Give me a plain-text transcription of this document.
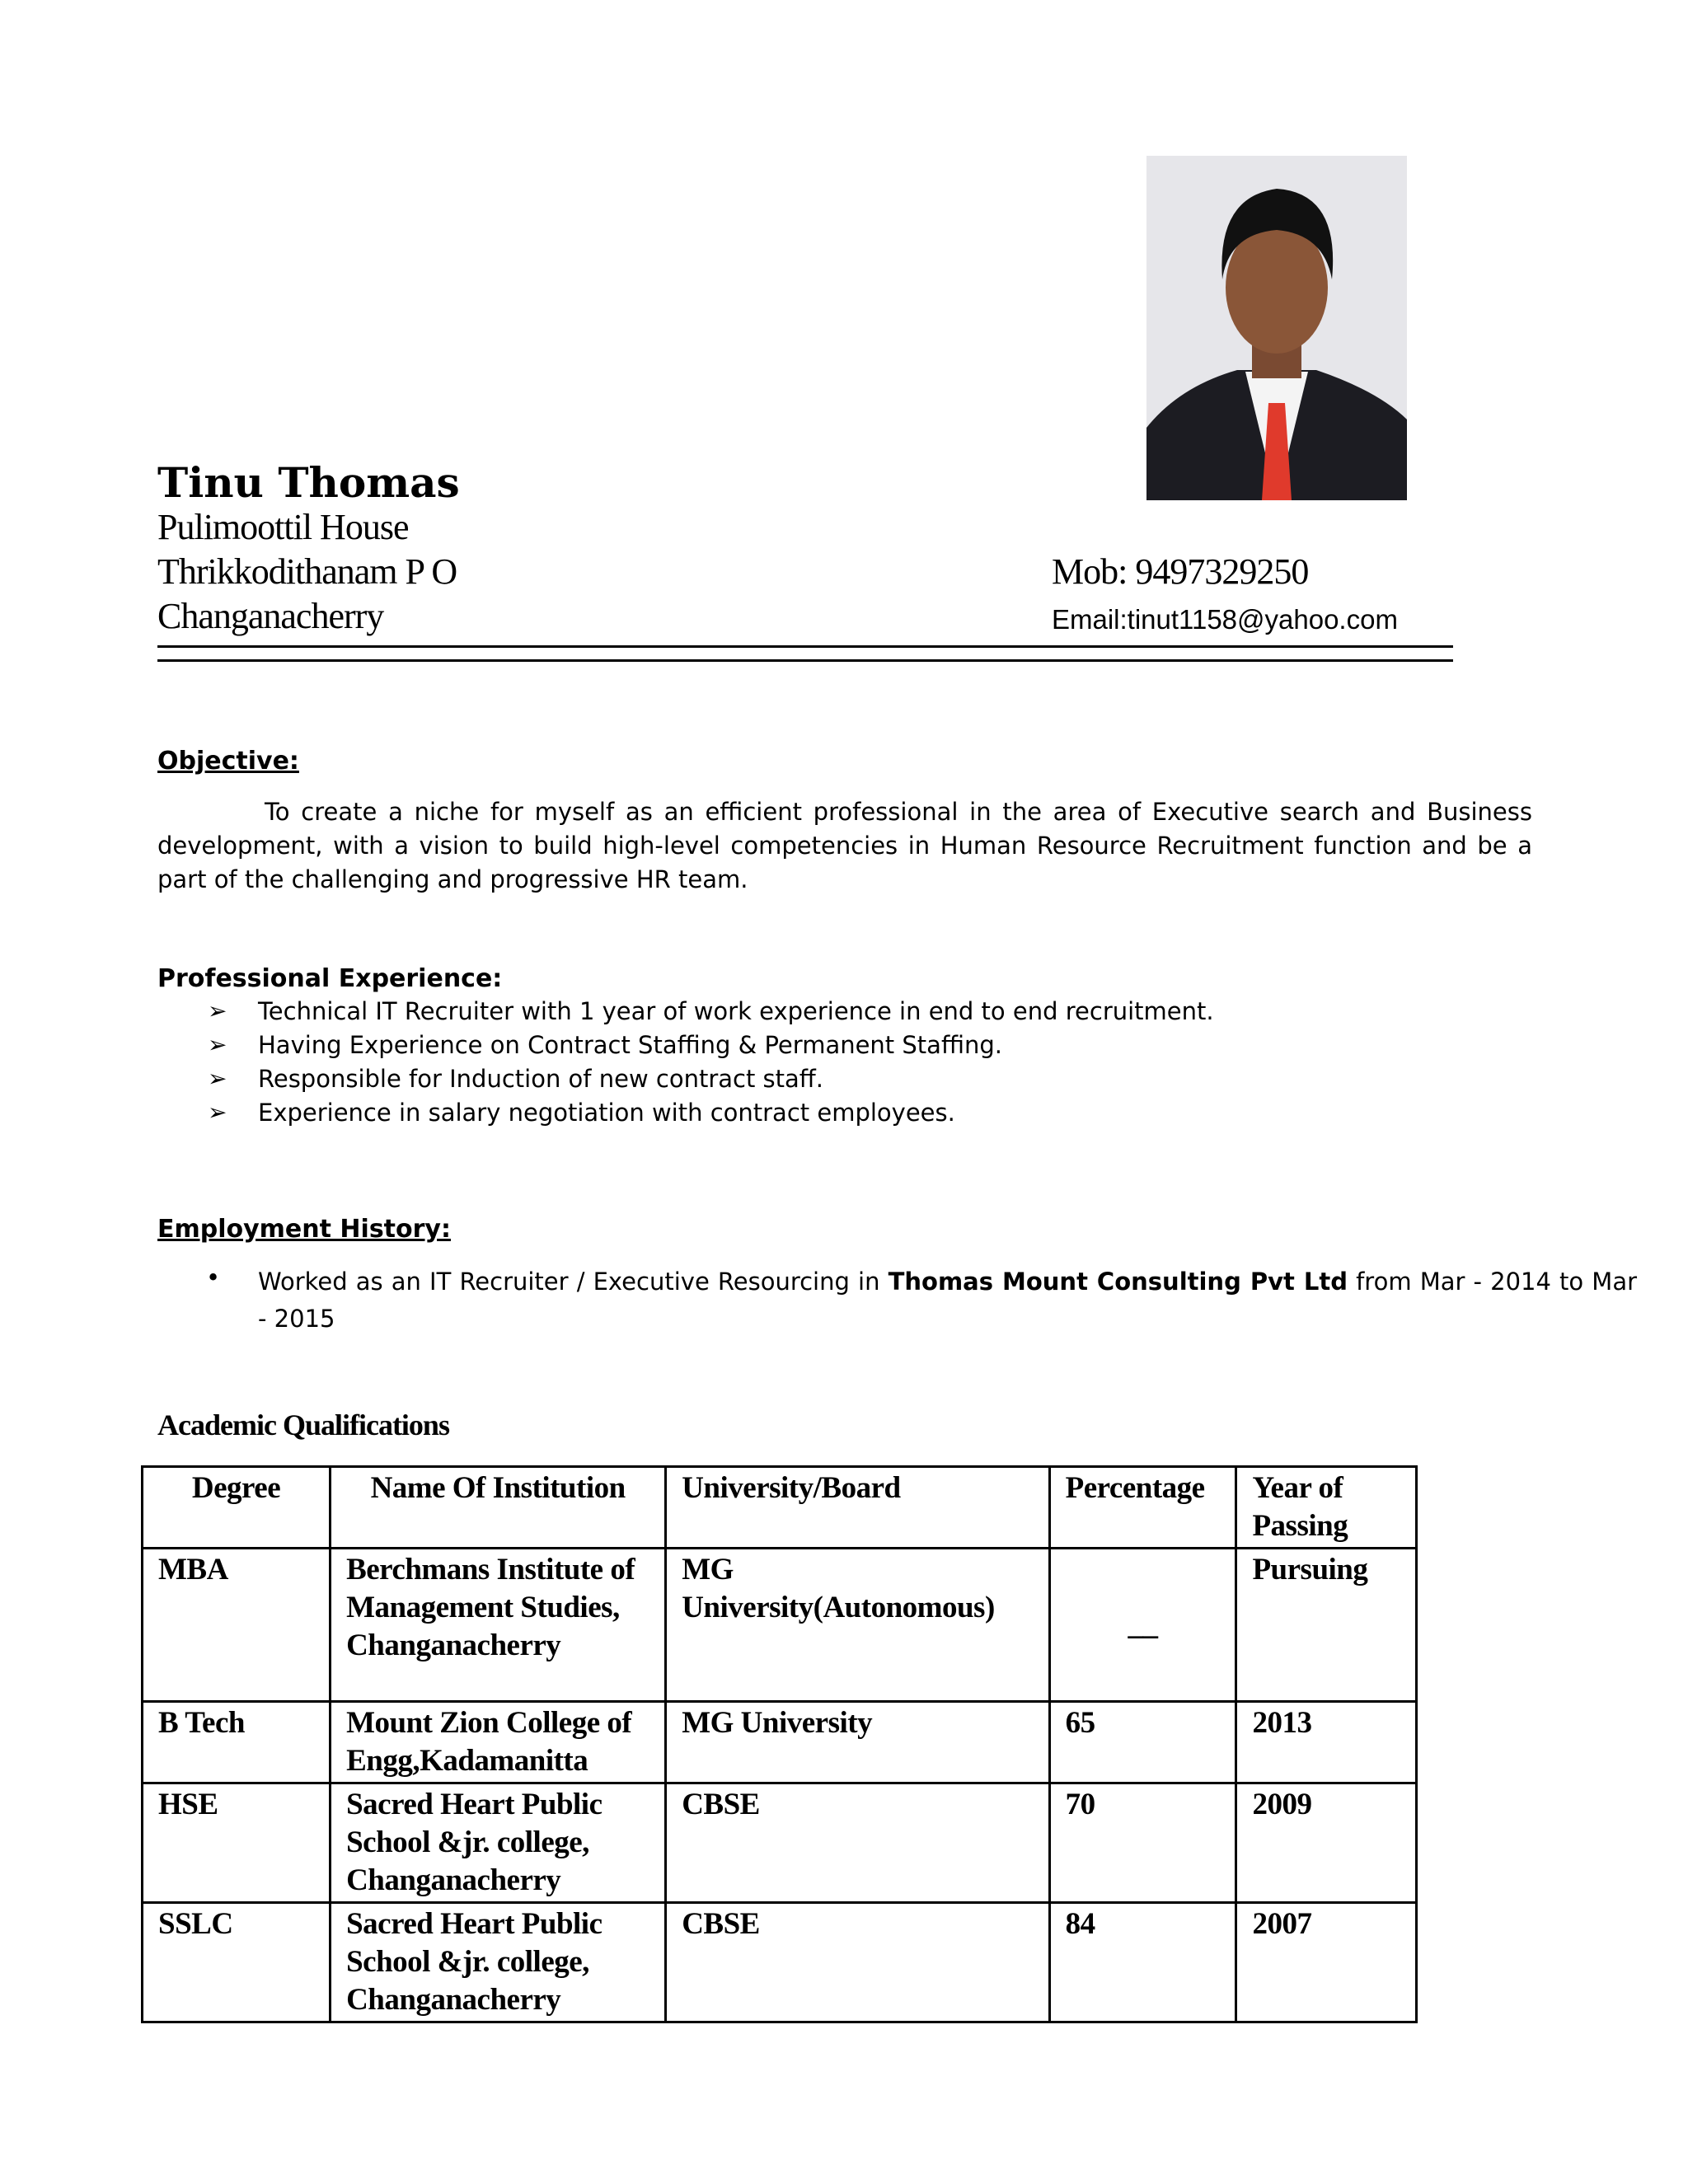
Tinu Thomas
Pulimoottil House
Thrikkodithanam P O
Changanacherry
Mob: 9497329250
Email:tinut1158@yahoo.com
Objective:
To create a niche for myself as an efficient professional in the area of Executive search and Business development, with a vision to build high-level competencies in Human Resource Recruitment function and be a part of the challenging and progressive HR team.
Professional Experience:
➢ Technical IT Recruiter with 1 year of work experience in end to end recruitment.
➢ Having Experience on Contract Staffing & Permanent Staffing.
➢ Responsible for Induction of new contract staff.
➢ Experience in salary negotiation with contract employees.
Employment History:
• Worked as an IT Recruiter / Executive Resourcing in Thomas Mount Consulting Pvt Ltd from Mar - 2014 to Mar - 2015
Academic Qualifications
Degree	Name Of Institution	University/Board	Percentage	Year of Passing
MBA	Berchmans Institute of Management Studies, Changanacherry	MG University(Autonomous)	__	Pursuing
B Tech	Mount Zion College of Engg,Kadamanitta	MG University	65	2013
HSE	Sacred Heart Public School &jr. college, Changanacherry	CBSE	70	2009
SSLC	Sacred Heart Public School &jr. college, Changanacherry	CBSE	84	2007
